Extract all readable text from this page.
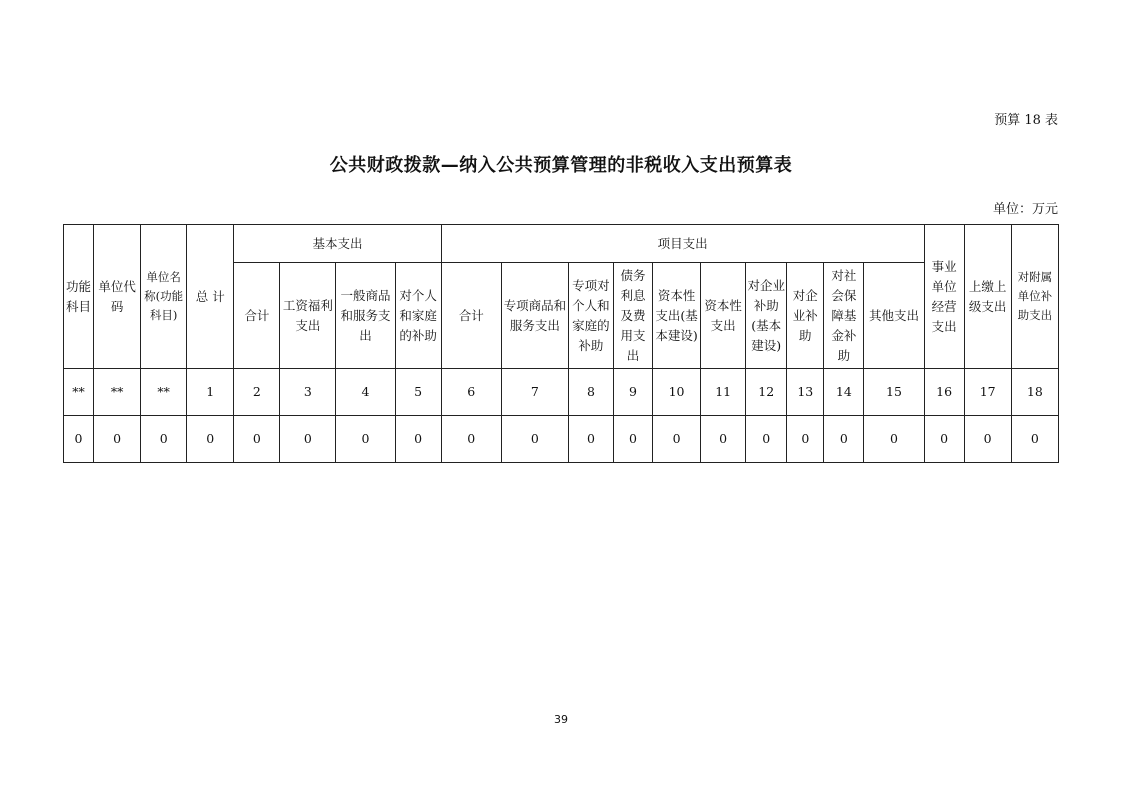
预算 18 表
公共财政拨款—纳入公共预算管理的非税收入支出预算表
单位：万元
功能科目	单位代码	单位名称(功能科目)	总 计	基本支出				项目支出										事业单位经营支出	上缴上级支出	对附属单位补助支出
				合计	工资福利支出	一般商品和服务支出	对个人和家庭的补助	合计	专项商品和服务支出	专项对个人和家庭的补助	债务利息及费用支出	资本性支出(基本建设)	资本性支出	对企业补助(基本建设)	对企业补助	对社会保障基金补助	其他支出			
**	**	**	1	2	3	4	5	6	7	8	9	10	11	12	13	14	15	16	17	18
0	0	0	0	0	0	0	0	0	0	0	0	0	0	0	0	0	0	0	0	0
39
